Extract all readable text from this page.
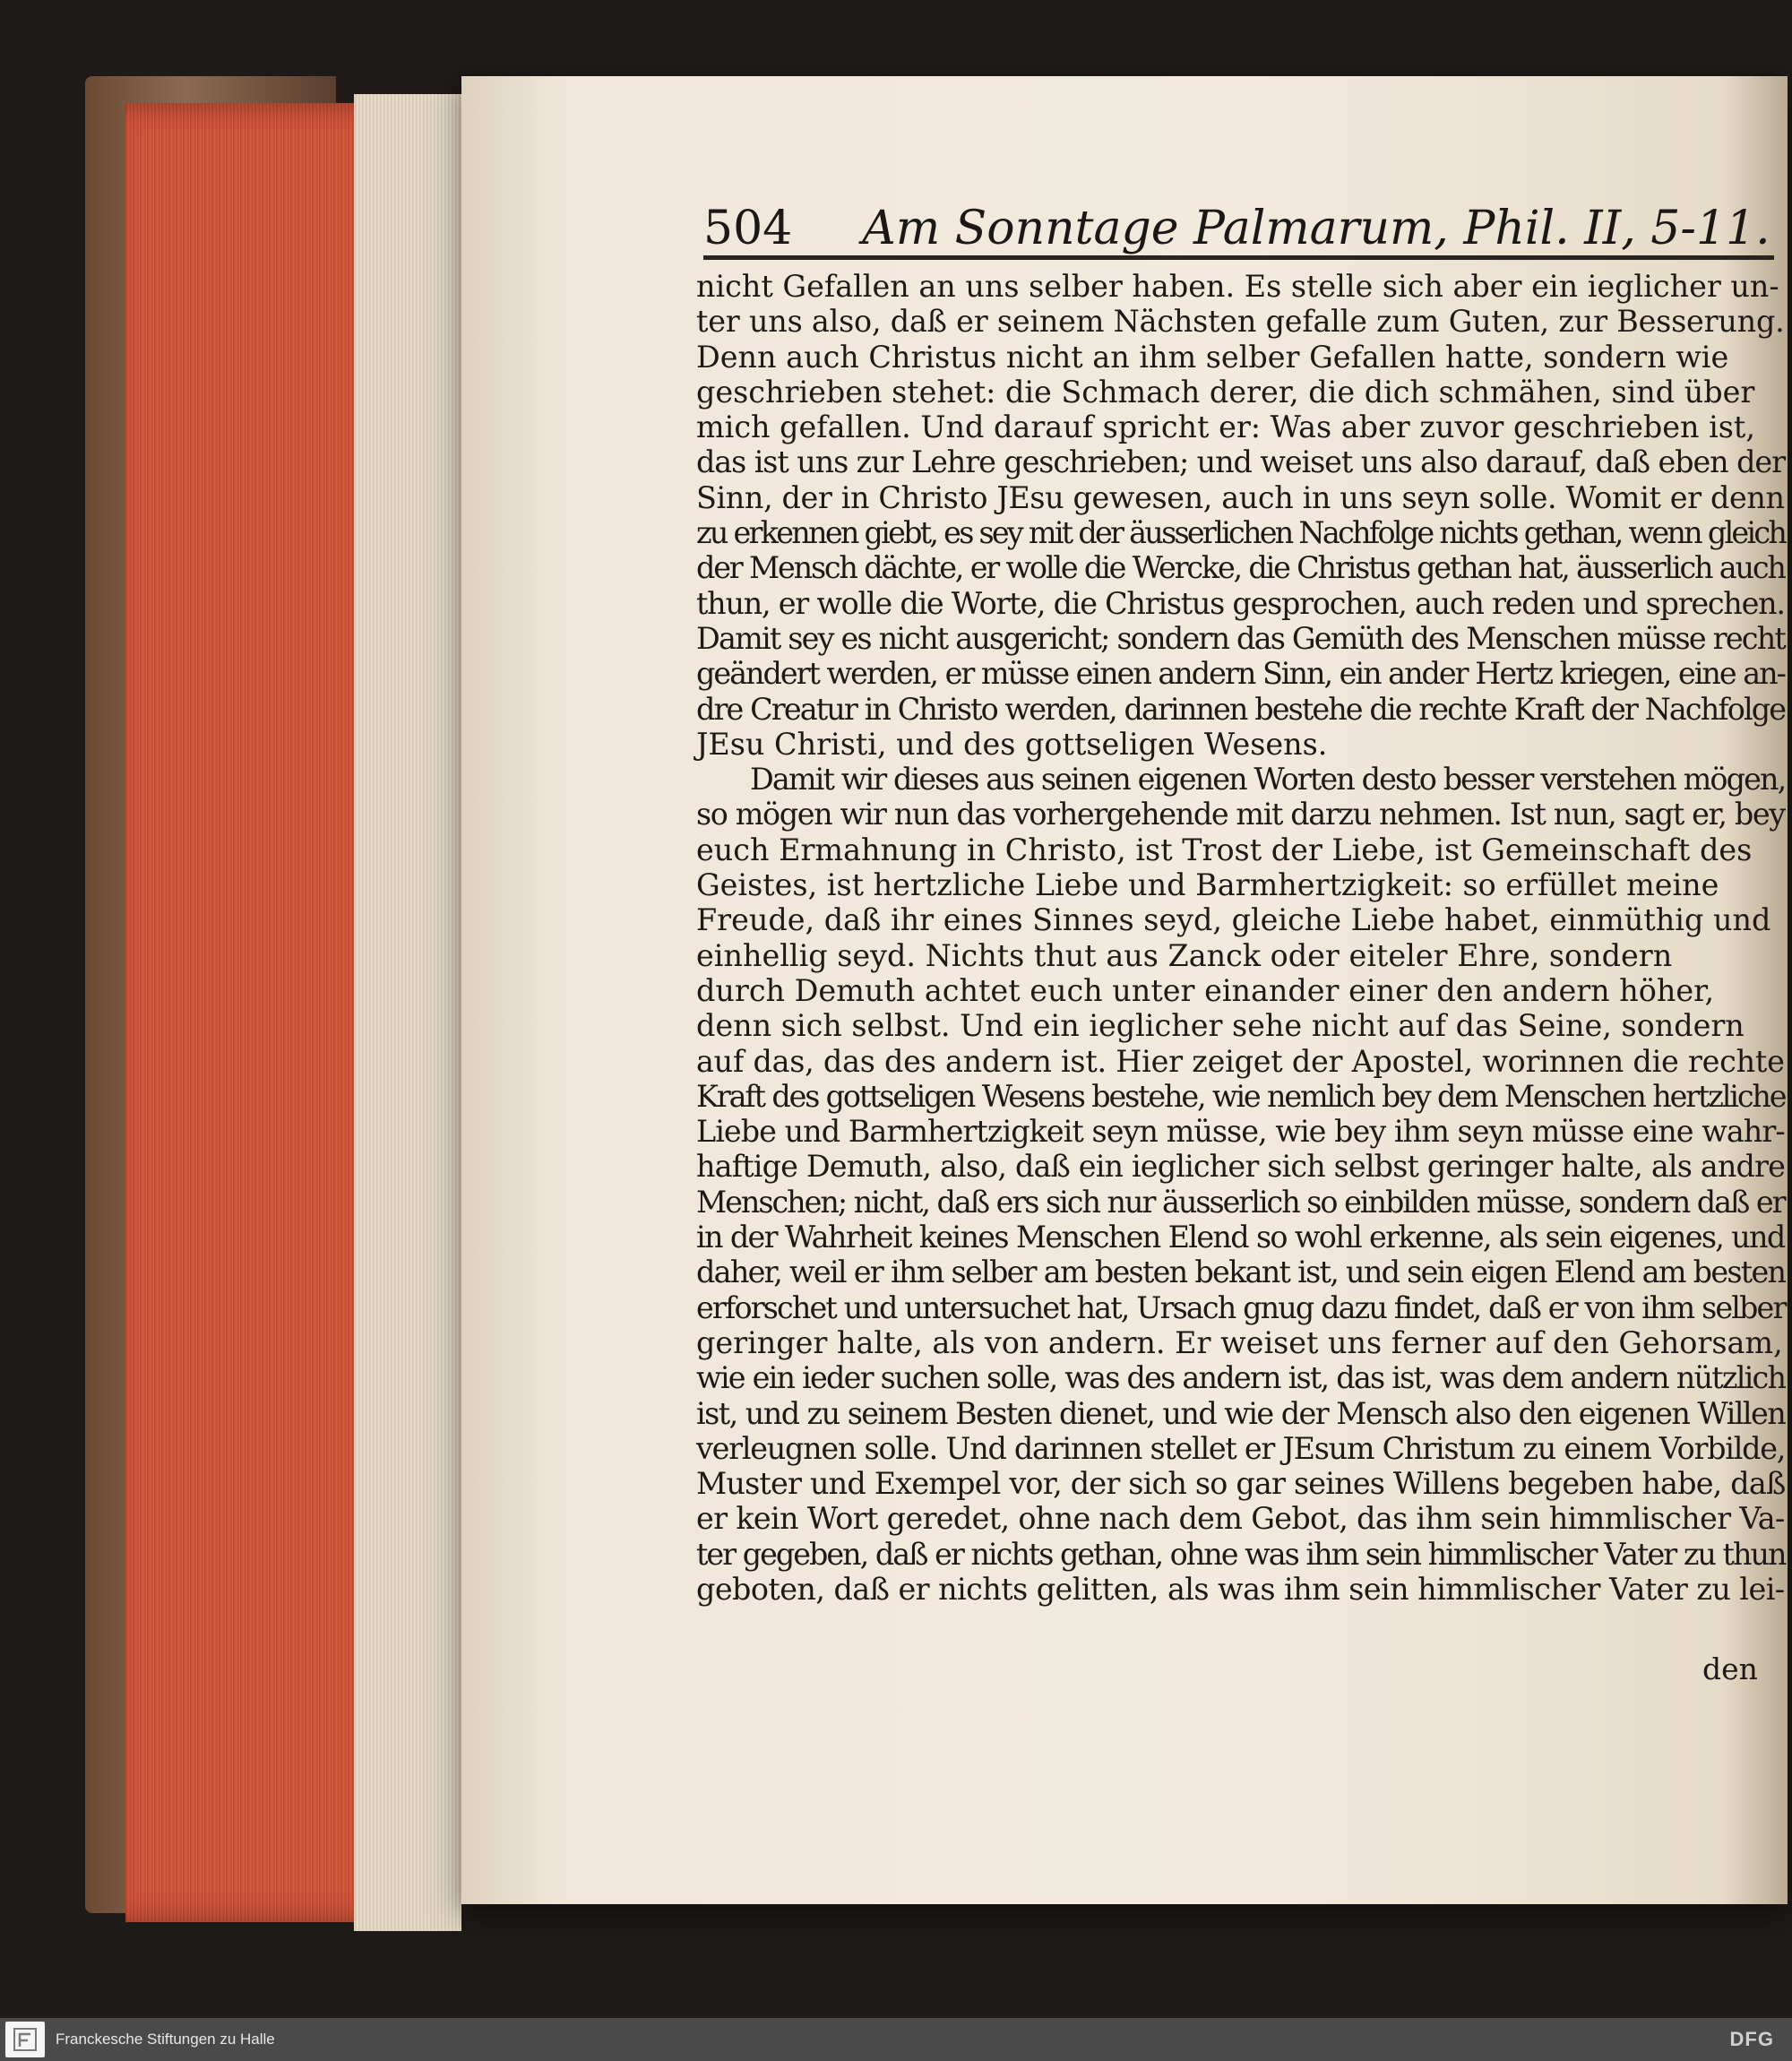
504 Am Sonntage Palmarum, Phil. II, 5-11.
nicht Gefallen an uns selber haben. Es stelle sich aber ein ieglicher un-
ter uns also, daß er seinem Nächsten gefalle zum Guten, zur Besserung.
Denn auch Christus nicht an ihm selber Gefallen hatte, sondern wie
geschrieben stehet: die Schmach derer, die dich schmähen, sind über
mich gefallen. Und darauf spricht er: Was aber zuvor geschrieben ist,
das ist uns zur Lehre geschrieben; und weiset uns also darauf, daß eben der
Sinn, der in Christo JEsu gewesen, auch in uns seyn solle. Womit er denn
zu erkennen giebt, es sey mit der äusserlichen Nachfolge nichts gethan, wenn gleich
der Mensch dächte, er wolle die Wercke, die Christus gethan hat, äusserlich auch
thun, er wolle die Worte, die Christus gesprochen, auch reden und sprechen.
Damit sey es nicht ausgericht; sondern das Gemüth des Menschen müsse recht
geändert werden, er müsse einen andern Sinn, ein ander Hertz kriegen, eine an-
dre Creatur in Christo werden, darinnen bestehe die rechte Kraft der Nachfolge
JEsu Christi, und des gottseligen Wesens.
Damit wir dieses aus seinen eigenen Worten desto besser verstehen mögen,
so mögen wir nun das vorhergehende mit darzu nehmen. Ist nun, sagt er, bey
euch Ermahnung in Christo, ist Trost der Liebe, ist Gemeinschaft des
Geistes, ist hertzliche Liebe und Barmhertzigkeit: so erfüllet meine
Freude, daß ihr eines Sinnes seyd, gleiche Liebe habet, einmüthig und
einhellig seyd. Nichts thut aus Zanck oder eiteler Ehre, sondern
durch Demuth achtet euch unter einander einer den andern höher,
denn sich selbst. Und ein ieglicher sehe nicht auf das Seine, sondern
auf das, das des andern ist. Hier zeiget der Apostel, worinnen die rechte
Kraft des gottseligen Wesens bestehe, wie nemlich bey dem Menschen hertzliche
Liebe und Barmhertzigkeit seyn müsse, wie bey ihm seyn müsse eine wahr-
haftige Demuth, also, daß ein ieglicher sich selbst geringer halte, als andre
Menschen; nicht, daß ers sich nur äusserlich so einbilden müsse, sondern daß er
in der Wahrheit keines Menschen Elend so wohl erkenne, als sein eigenes, und
daher, weil er ihm selber am besten bekant ist, und sein eigen Elend am besten
erforschet und untersuchet hat, Ursach gnug dazu findet, daß er von ihm selber
geringer halte, als von andern. Er weiset uns ferner auf den Gehorsam,
wie ein ieder suchen solle, was des andern ist, das ist, was dem andern nützlich
ist, und zu seinem Besten dienet, und wie der Mensch also den eigenen Willen
verleugnen solle. Und darinnen stellet er JEsum Christum zu einem Vorbilde,
Muster und Exempel vor, der sich so gar seines Willens begeben habe, daß
er kein Wort geredet, ohne nach dem Gebot, das ihm sein himmlischer Va-
ter gegeben, daß er nichts gethan, ohne was ihm sein himmlischer Vater zu thun
geboten, daß er nichts gelitten, als was ihm sein himmlischer Vater zu lei-
den
Franckesche Stiftungen zu Halle	DFG
